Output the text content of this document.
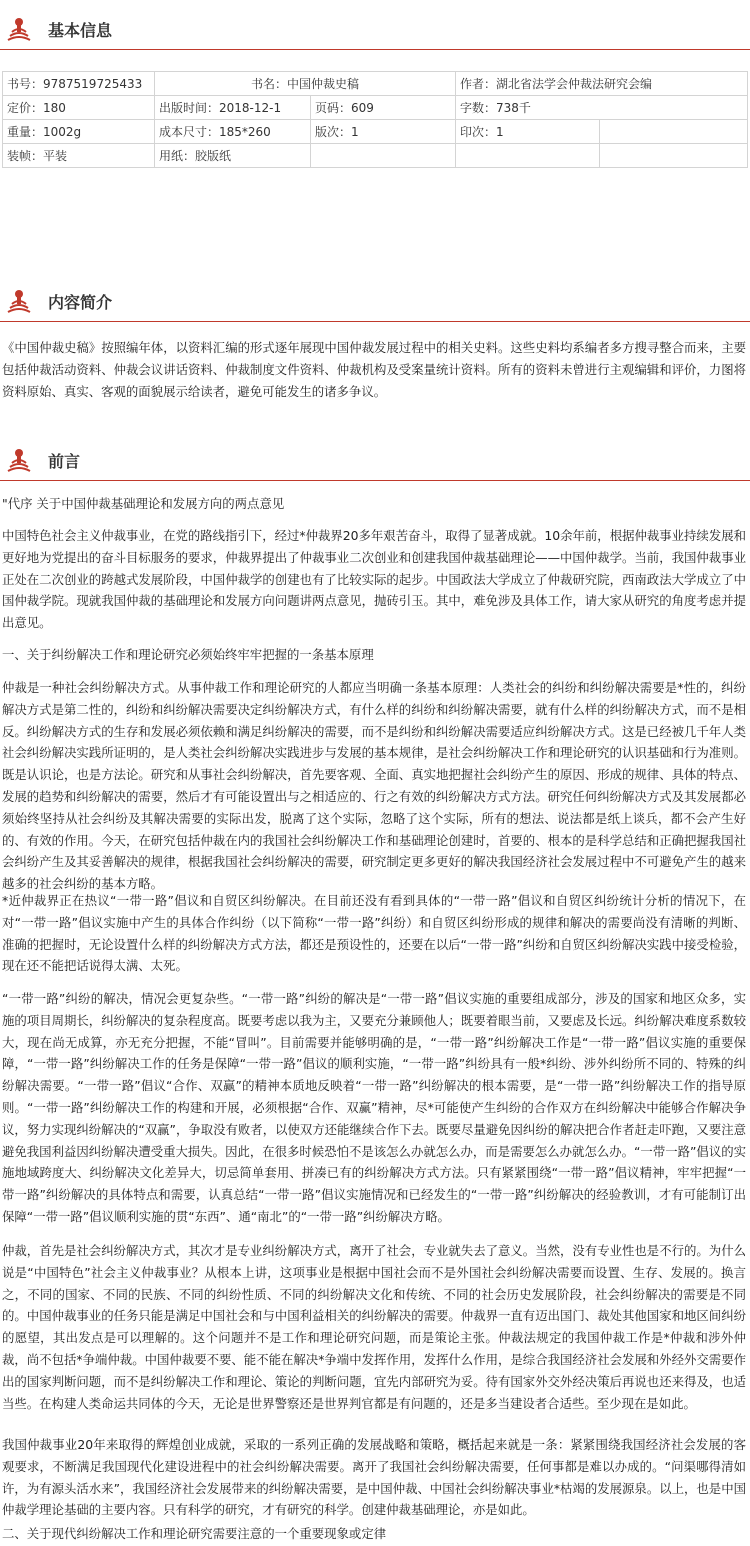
基本信息
书号：9787519725433	书名：中国仲裁史稿		作者：湖北省法学会仲裁法研究会编	
定价：180	出版时间：2018-12-1	页码：609	字数：738千	
重量：1002g	成本尺寸：185*260	版次：1	印次：1	
装帧：平装	用纸：胶版纸			
内容简介

《中国仲裁史稿》按照编年体，以资料汇编的形式逐年展现中国仲裁发展过程中的相关史料。这些史料均系编者多方搜寻整合而来，主要包括仲裁活动资料、仲裁会议讲话资料、仲裁制度文件资料、仲裁机构及受案量统计资料。所有的资料未曾进行主观编辑和评价，力图将资料原始、真实、客观的面貌展示给读者，避免可能发生的诸多争议。

前言
"代序 关于中国仲裁基础理论和发展方向的两点意见

中国特色社会主义仲裁事业，在党的路线指引下，经过*仲裁界20多年艰苦奋斗，取得了显著成就。10余年前，根据仲裁事业持续发展和更好地为党提出的奋斗目标服务的要求，仲裁界提出了仲裁事业二次创业和创建我国仲裁基础理论——中国仲裁学。当前，我国仲裁事业正处在二次创业的跨越式发展阶段，中国仲裁学的创建也有了比较实际的起步。中国政法大学成立了仲裁研究院，西南政法大学成立了中国仲裁学院。现就我国仲裁的基础理论和发展方向问题讲两点意见，抛砖引玉。其中，难免涉及具体工作，请大家从研究的角度考虑并提出意见。

一、关于纠纷解决工作和理论研究必须始终牢牢把握的一条基本原理

仲裁是一种社会纠纷解决方式。从事仲裁工作和理论研究的人都应当明确一条基本原理：人类社会的纠纷和纠纷解决需要是*性的，纠纷解决方式是第二性的，纠纷和纠纷解决需要决定纠纷解决方式，有什么样的纠纷和纠纷解决需要，就有什么样的纠纷解决方式，而不是相反。纠纷解决方式的生存和发展必须依赖和满足纠纷解决的需要，而不是纠纷和纠纷解决需要适应纠纷解决方式。这是已经被几千年人类社会纠纷解决实践所证明的，是人类社会纠纷解决实践进步与发展的基本规律，是社会纠纷解决工作和理论研究的认识基础和行为准则。既是认识论，也是方法论。研究和从事社会纠纷解决，首先要客观、全面、真实地把握社会纠纷产生的原因、形成的规律、具体的特点、发展的趋势和纠纷解决的需要，然后才有可能设置出与之相适应的、行之有效的纠纷解决方式方法。研究任何纠纷解决方式及其发展都必须始终坚持从社会纠纷及其解决需要的实际出发，脱离了这个实际，忽略了这个实际，所有的想法、说法都是纸上谈兵，都不会产生好的、有效的作用。今天，在研究包括仲裁在内的我国社会纠纷解决工作和基础理论创建时，首要的、根本的是科学总结和正确把握我国社会纠纷产生及其妥善解决的规律，根据我国社会纠纷解决的需要，研究制定更多更好的解决我国经济社会发展过程中不可避免产生的越来越多的社会纠纷的基本方略。

*近仲裁界正在热议“一带一路”倡议和自贸区纠纷解决。在目前还没有看到具体的“一带一路”倡议和自贸区纠纷统计分析的情况下，在对“一带一路”倡议实施中产生的具体合作纠纷（以下简称“一带一路”纠纷）和自贸区纠纷形成的规律和解决的需要尚没有清晰的判断、准确的把握时，无论设置什么样的纠纷解决方式方法，都还是预设性的，还要在以后“一带一路”纠纷和自贸区纠纷解决实践中接受检验，现在还不能把话说得太满、太死。

“一带一路”纠纷的解决，情况会更复杂些。“一带一路”纠纷的解决是“一带一路”倡议实施的重要组成部分，涉及的国家和地区众多，实施的项目周期长，纠纷解决的复杂程度高。既要考虑以我为主，又要充分兼顾他人；既要着眼当前，又要虑及长远。纠纷解决难度系数较大，现在尚无成算，亦无充分把握，不能“冒叫”。目前需要并能够明确的是，“一带一路”纠纷解决工作是“一带一路”倡议实施的重要保障，“一带一路”纠纷解决工作的任务是保障“一带一路”倡议的顺利实施，“一带一路”纠纷具有一般*纠纷、涉外纠纷所不同的、特殊的纠纷解决需要。“一带一路”倡议“合作、双赢”的精神本质地反映着“一带一路”纠纷解决的根本需要，是“一带一路”纠纷解决工作的指导原则。“一带一路”纠纷解决工作的构建和开展，必须根据“合作、双赢”精神，尽*可能使产生纠纷的合作双方在纠纷解决中能够合作解决争议，努力实现纠纷解决的“双赢”，争取没有败者，以使双方还能继续合作下去。既要尽量避免因纠纷的解决把合作者赶走吓跑，又要注意避免我国利益因纠纷解决遭受重大损失。因此，在很多时候恐怕不是该怎么办就怎么办，而是需要怎么办就怎么办。“一带一路”倡议的实施地域跨度大、纠纷解决文化差异大，切忌简单套用、拼凑已有的纠纷解决方式方法。只有紧紧围绕“一带一路”倡议精神，牢牢把握“一带一路”纠纷解决的具体特点和需要，认真总结“一带一路”倡议实施情况和已经发生的“一带一路”纠纷解决的经验教训，才有可能制订出保障“一带一路”倡议顺利实施的贯“东西”、通“南北”的“一带一路”纠纷解决方略。

仲裁，首先是社会纠纷解决方式，其次才是专业纠纷解决方式，离开了社会，专业就失去了意义。当然，没有专业性也是不行的。为什么说是“中国特色”社会主义仲裁事业？从根本上讲，这项事业是根据中国社会而不是外国社会纠纷解决需要而设置、生存、发展的。换言之，不同的国家、不同的民族、不同的纠纷性质、不同的纠纷解决文化和传统、不同的社会历史发展阶段，社会纠纷解决的需要是不同的。中国仲裁事业的任务只能是满足中国社会和与中国利益相关的纠纷解决的需要。仲裁界一直有迈出国门、裁处其他国家和地区间纠纷的愿望，其出发点是可以理解的。这个问题并不是工作和理论研究问题，而是策论主张。仲裁法规定的我国仲裁工作是*仲裁和涉外仲裁，尚不包括*争端仲裁。中国仲裁要不要、能不能在解决*争端中发挥作用，发挥什么作用，是综合我国经济社会发展和外经外交需要作出的国家判断问题，而不是纠纷解决工作和理论、策论的判断问题，宜先内部研究为妥。待有国家外交外经决策后再说也还来得及，也适当些。在构建人类命运共同体的今天，无论是世界警察还是世界判官都是有问题的，还是多当建设者合适些。至少现在是如此。

我国仲裁事业20年来取得的辉煌创业成就，采取的一系列正确的发展战略和策略，概括起来就是一条：紧紧围绕我国经济社会发展的客观要求，不断满足我国现代化建设进程中的社会纠纷解决需要。离开了我国社会纠纷解决需要，任何事都是难以办成的。“问渠哪得清如许，为有源头活水来”，我国经济社会发展带来的纠纷解决需要，是中国仲裁、中国社会纠纷解决事业*枯竭的发展源泉。以上，也是中国仲裁学理论基础的主要内容。只有科学的研究，才有研究的科学。创建仲裁基础理论，亦是如此。

二、关于现代纠纷解决工作和理论研究需要注意的一个重要现象或定律
